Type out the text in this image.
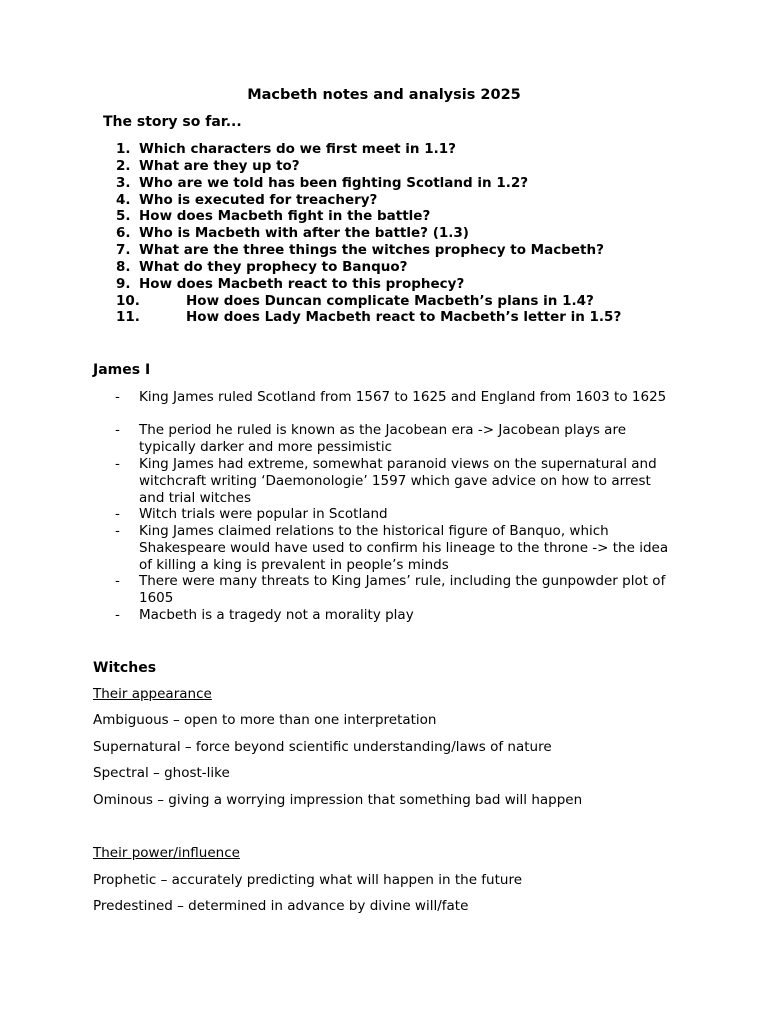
Macbeth notes and analysis 2025
The story so far...
1. Which characters do we first meet in 1.1?
2. What are they up to?
3. Who are we told has been fighting Scotland in 1.2?
4. Who is executed for treachery?
5. How does Macbeth fight in the battle?
6. Who is Macbeth with after the battle? (1.3)
7. What are the three things the witches prophecy to Macbeth?
8. What do they prophecy to Banquo?
9. How does Macbeth react to this prophecy?
10.	How does Duncan complicate Macbeth’s plans in 1.4?
11.	How does Lady Macbeth react to Macbeth’s letter in 1.5?
James I
- King James ruled Scotland from 1567 to 1625 and England from 1603 to 1625
- The period he ruled is known as the Jacobean era -> Jacobean plays are typically darker and more pessimistic
- King James had extreme, somewhat paranoid views on the supernatural and witchcraft writing ‘Daemonologie’ 1597 which gave advice on how to arrest and trial witches
- Witch trials were popular in Scotland
- King James claimed relations to the historical figure of Banquo, which Shakespeare would have used to confirm his lineage to the throne -> the idea of killing a king is prevalent in people’s minds
- There were many threats to King James’ rule, including the gunpowder plot of 1605
- Macbeth is a tragedy not a morality play
Witches
Their appearance
Ambiguous – open to more than one interpretation
Supernatural – force beyond scientific understanding/laws of nature
Spectral – ghost-like
Ominous – giving a worrying impression that something bad will happen
Their power/influence
Prophetic – accurately predicting what will happen in the future
Predestined – determined in advance by divine will/fate
